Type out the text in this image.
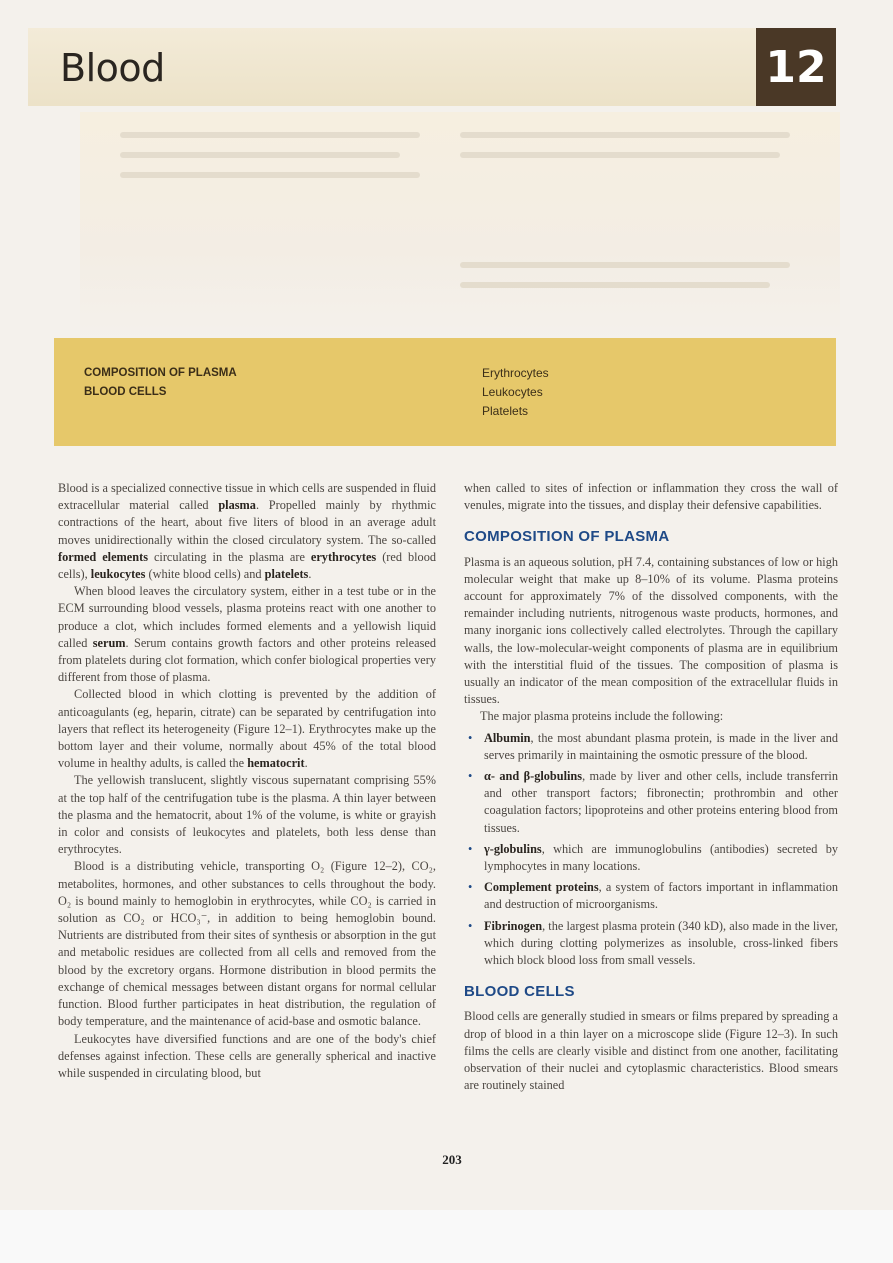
Blood	12
COMPOSITION OF PLASMA
BLOOD CELLS
Erythrocytes
Leukocytes
Platelets

Blood is a specialized connective tissue in which cells are suspended in fluid extracellular material called plasma. Propelled mainly by rhythmic contractions of the heart, about five liters of blood in an average adult moves unidirectionally within the closed circulatory system. The so-called formed elements circulating in the plasma are erythrocytes (red blood cells), leukocytes (white blood cells) and platelets.

When blood leaves the circulatory system, either in a test tube or in the ECM surrounding blood vessels, plasma proteins react with one another to produce a clot, which includes formed elements and a yellowish liquid called serum. Serum contains growth factors and other proteins released from platelets during clot formation, which confer biological properties very different from those of plasma.

Collected blood in which clotting is prevented by the addition of anticoagulants (eg, heparin, citrate) can be separated by centrifugation into layers that reflect its heterogeneity (Figure 12–1). Erythrocytes make up the bottom layer and their volume, normally about 45% of the total blood volume in healthy adults, is called the hematocrit.

The yellowish translucent, slightly viscous supernatant comprising 55% at the top half of the centrifugation tube is the plasma. A thin layer between the plasma and the hematocrit, about 1% of the volume, is white or grayish in color and consists of leukocytes and platelets, both less dense than erythrocytes.

Blood is a distributing vehicle, transporting O₂ (Figure 12–2), CO₂, metabolites, hormones, and other substances to cells throughout the body. O₂ is bound mainly to hemoglobin in erythrocytes, while CO₂ is carried in solution as CO₂ or HCO₃⁻, in addition to being hemoglobin bound. Nutrients are distributed from their sites of synthesis or absorption in the gut and metabolic residues are collected from all cells and removed from the blood by the excretory organs. Hormone distribution in blood permits the exchange of chemical messages between distant organs for normal cellular function. Blood further participates in heat distribution, the regulation of body temperature, and the maintenance of acid-base and osmotic balance.

Leukocytes have diversified functions and are one of the body's chief defenses against infection. These cells are generally spherical and inactive while suspended in circulating blood, but

when called to sites of infection or inflammation they cross the wall of venules, migrate into the tissues, and display their defensive capabilities.

COMPOSITION OF PLASMA

Plasma is an aqueous solution, pH 7.4, containing substances of low or high molecular weight that make up 8–10% of its volume. Plasma proteins account for approximately 7% of the dissolved components, with the remainder including nutrients, nitrogenous waste products, hormones, and many inorganic ions collectively called electrolytes. Through the capillary walls, the low-molecular-weight components of plasma are in equilibrium with the interstitial fluid of the tissues. The composition of plasma is usually an indicator of the mean composition of the extracellular fluids in tissues.

The major plasma proteins include the following:

• Albumin, the most abundant plasma protein, is made in the liver and serves primarily in maintaining the osmotic pressure of the blood.
• α- and β-globulins, made by liver and other cells, include transferrin and other transport factors; fibronectin; prothrombin and other coagulation factors; lipoproteins and other proteins entering blood from tissues.
• γ-globulins, which are immunoglobulins (antibodies) secreted by lymphocytes in many locations.
• Complement proteins, a system of factors important in inflammation and destruction of microorganisms.
• Fibrinogen, the largest plasma protein (340 kD), also made in the liver, which during clotting polymerizes as insoluble, cross-linked fibers which block blood loss from small vessels.
BLOOD CELLS

Blood cells are generally studied in smears or films prepared by spreading a drop of blood in a thin layer on a microscope slide (Figure 12–3). In such films the cells are clearly visible and distinct from one another, facilitating observation of their nuclei and cytoplasmic characteristics. Blood smears are routinely stained

203
